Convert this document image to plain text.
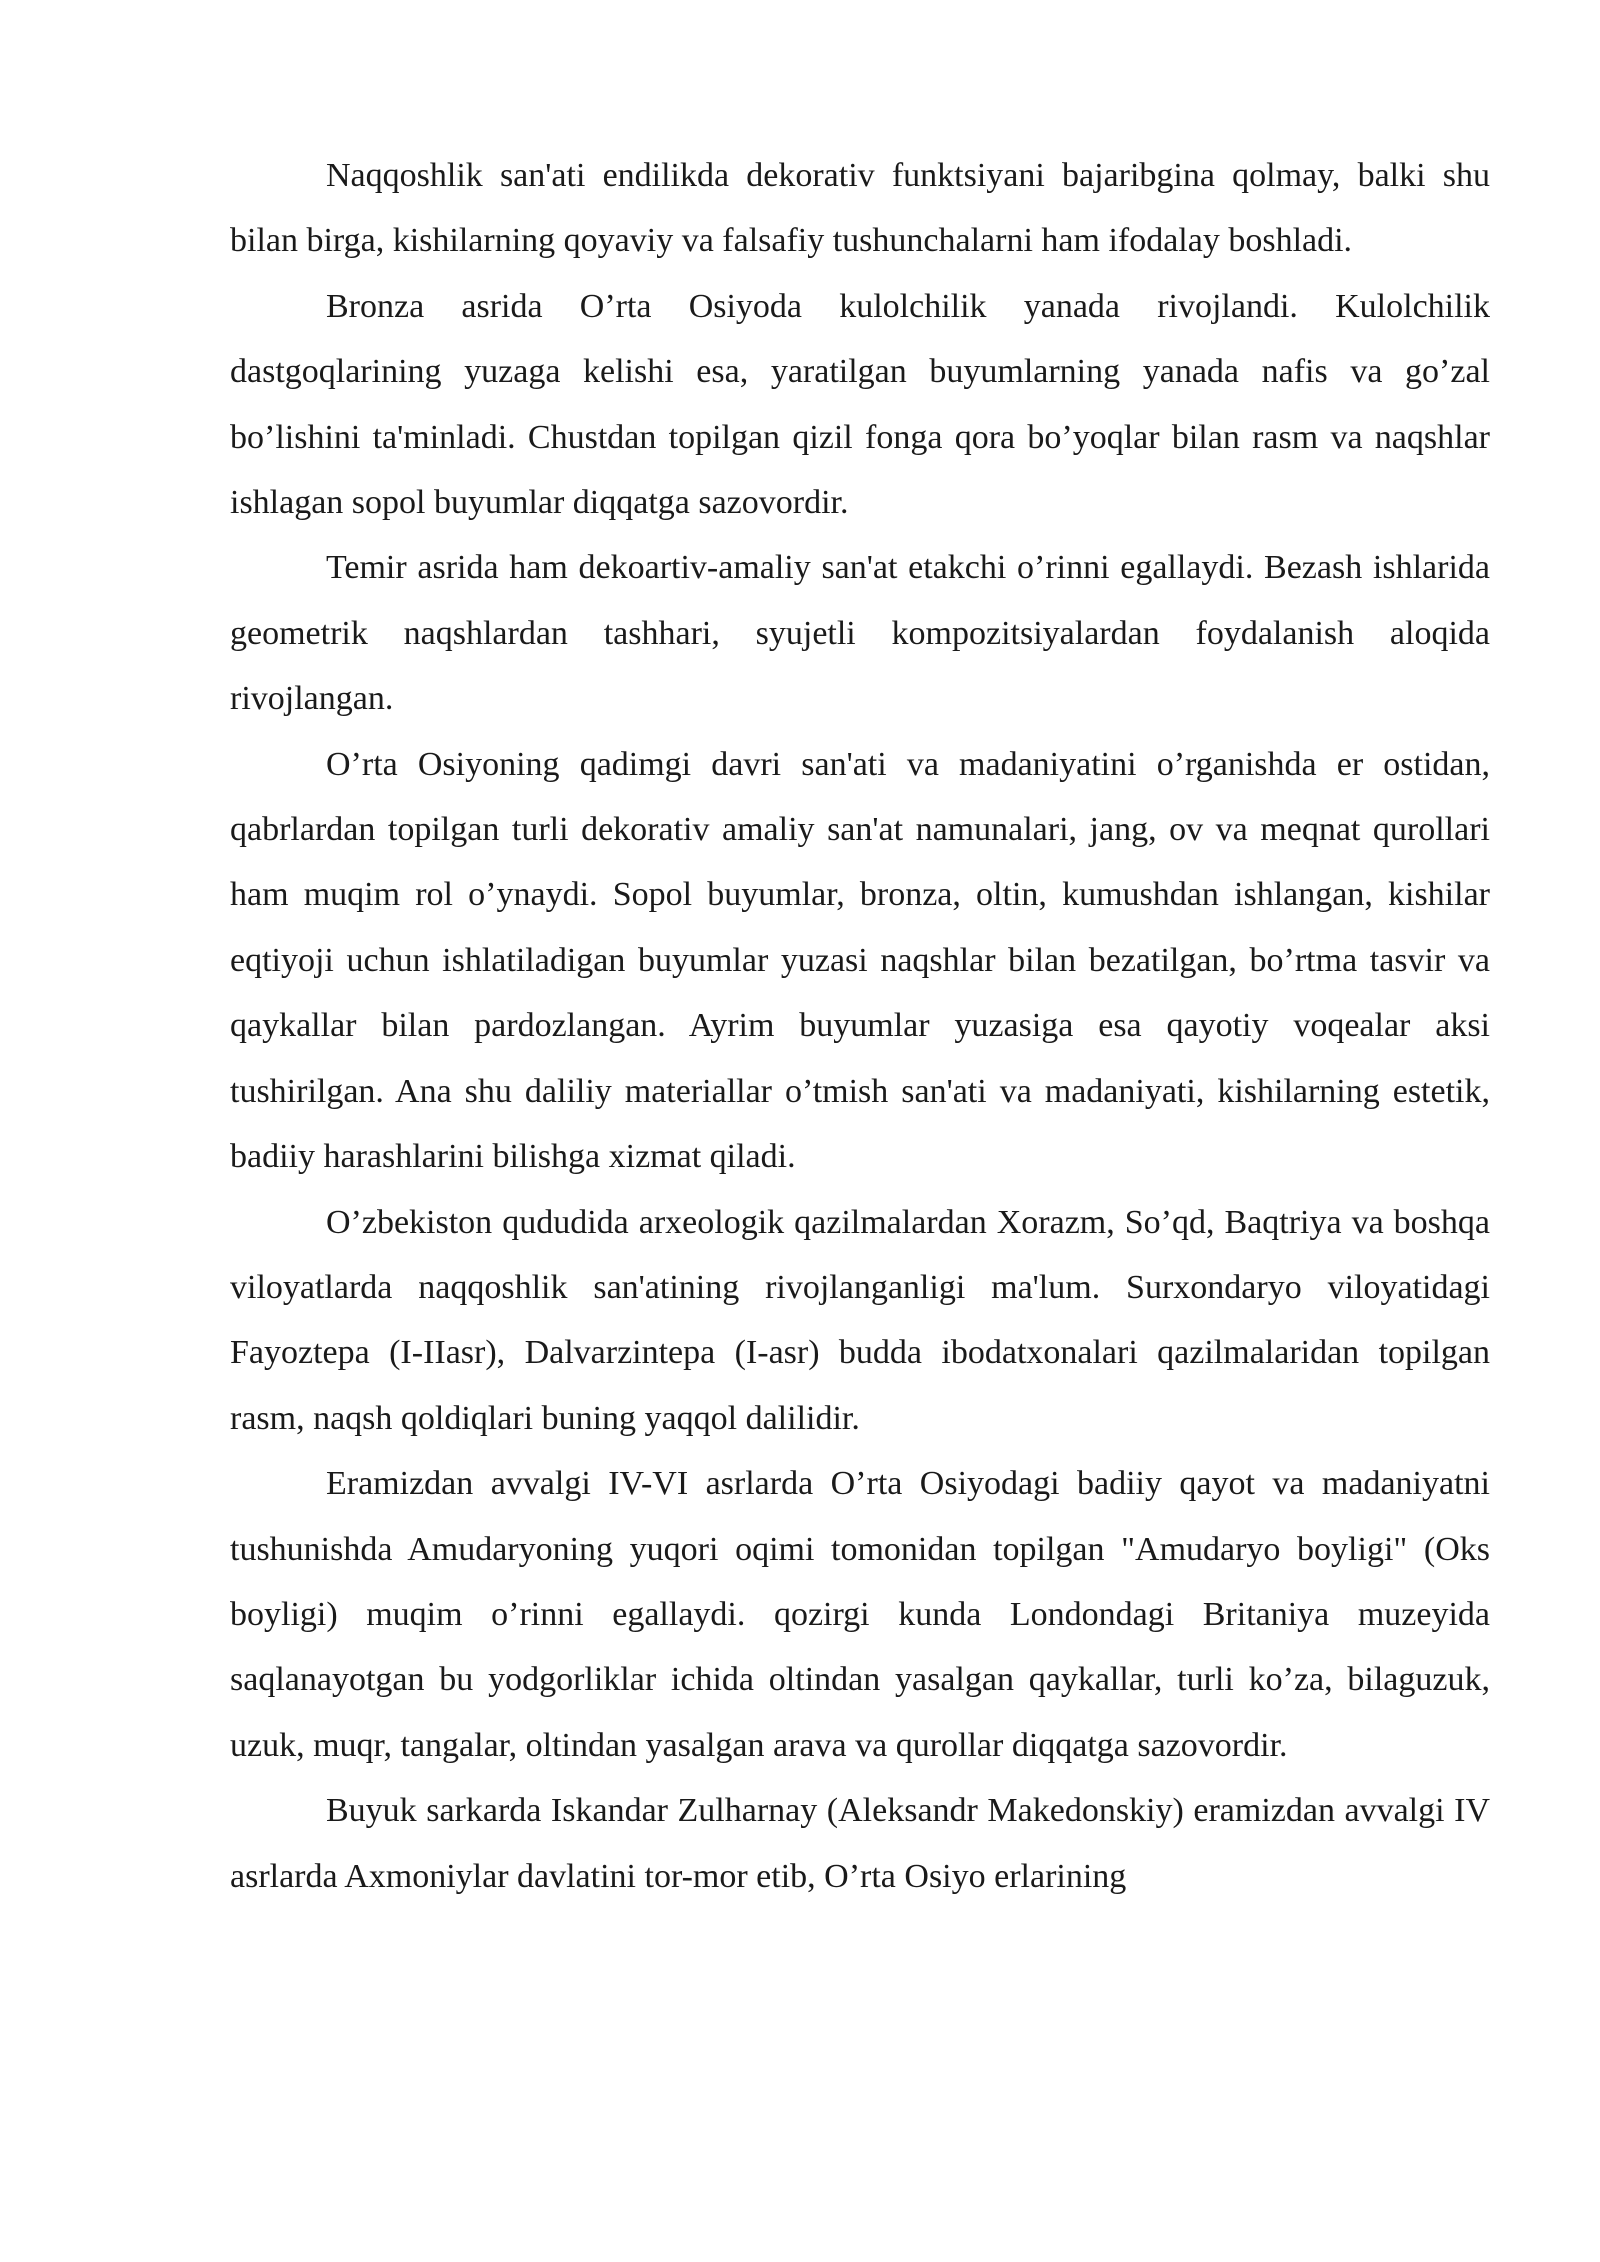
Naqqoshlik san'ati endilikda dekorativ funktsiyani bajaribgina qolmay, balki shu bilan birga, kishilarning qoyaviy va falsafiy tushunchalarni ham ifodalay boshladi.

Bronza asrida O’rta Osiyoda kulolchilik yanada rivojlandi. Kulolchilik dastgoqlarining yuzaga kelishi esa, yaratilgan buyumlarning yanada nafis va go’zal bo’lishini ta'minladi. Chustdan topilgan qizil fonga qora bo’yoqlar bilan rasm va naqshlar ishlagan sopol buyumlar diqqatga sazovordir.

Temir asrida ham dekoartiv-amaliy san'at etakchi o’rinni egallaydi. Bezash ishlarida geometrik naqshlardan tashhari, syujetli kompozitsiyalardan foydalanish aloqida rivojlangan.

O’rta Osiyoning qadimgi davri san'ati va madaniyatini o’rganishda er ostidan, qabrlardan topilgan turli dekorativ amaliy san'at namunalari, jang, ov va meqnat qurollari ham muqim rol o’ynaydi. Sopol buyumlar, bronza, oltin, kumushdan ishlangan, kishilar eqtiyoji uchun ishlatiladigan buyumlar yuzasi naqshlar bilan bezatilgan, bo’rtma tasvir va qaykallar bilan pardozlangan. Ayrim buyumlar yuzasiga esa qayotiy voqealar aksi tushirilgan. Ana shu daliliy materiallar o’tmish san'ati va madaniyati, kishilarning estetik, badiiy harashlarini bilishga xizmat qiladi.

O’zbekiston qududida arxeologik qazilmalardan Xorazm, So’qd, Baqtriya va boshqa viloyatlarda naqqoshlik san'atining rivojlanganligi ma'lum. Surxondaryo viloyatidagi Fayoztepa (I-IIasr), Dalvarzintepa (I-asr) budda ibodatxonalari qazilmalaridan topilgan rasm, naqsh qoldiqlari buning yaqqol dalilidir.

Eramizdan avvalgi IV-VI asrlarda O’rta Osiyodagi badiiy qayot va madaniyatni tushunishda Amudaryoning yuqori oqimi tomonidan topilgan "Amudaryo boyligi" (Oks boyligi) muqim o’rinni egallaydi. qozirgi kunda Londondagi Britaniya muzeyida saqlanayotgan bu yodgorliklar ichida oltindan yasalgan qaykallar, turli ko’za, bilaguzuk, uzuk, muqr, tangalar, oltindan yasalgan arava va qurollar diqqatga sazovordir.

Buyuk sarkarda Iskandar Zulharnay (Aleksandr Makedonskiy) eramizdan avvalgi IV asrlarda Axmoniylar davlatini tor-mor etib, O’rta Osiyo erlarining
